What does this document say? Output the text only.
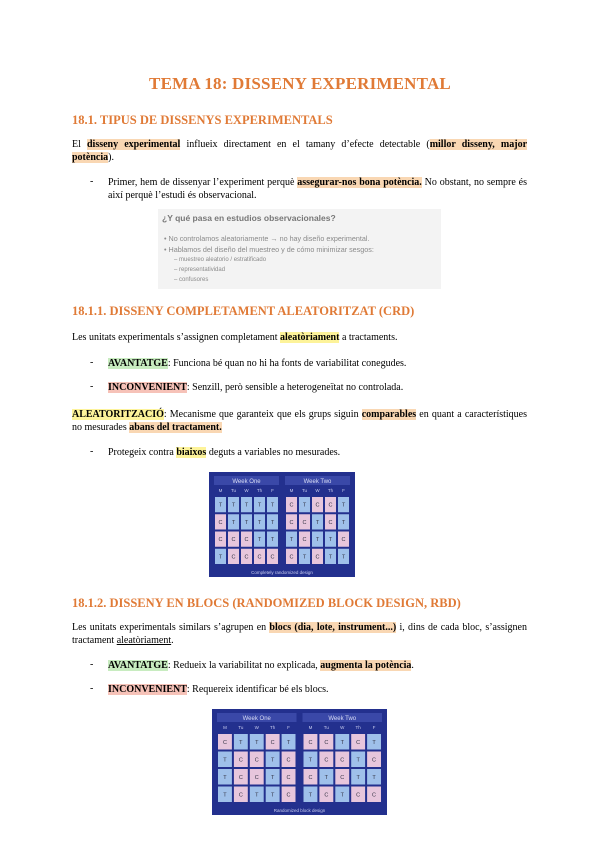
TEMA 18: DISSENY EXPERIMENTAL
18.1. TIPUS DE DISSENYS EXPERIMENTALS

El disseny experimental influeix directament en el tamany d’efecte detectable (millor disseny, major potència).

- Primer, hem de dissenyar l’experiment perquè assegurar-nos bona potència. No obstant, no sempre és així perquè l’estudi és observacional.

¿Y qué pasa en estudios observacionales?
• No controlamos aleatoriamente → no hay diseño experimental.
• Hablamos del diseño del muestreo y de cómo minimizar sesgos:
– muestreo aleatorio / estratificado
– representatividad
– confusores
18.1.1. DISSENY COMPLETAMENT ALEATORITZAT (CRD)

Les unitats experimentals s’assignen completament aleatòriament a tractaments.

- AVANTATGE: Funciona bé quan no hi ha fonts de variabilitat conegudes.

- INCONVENIENT: Senzill, però sensible a heterogeneïtat no controlada.

ALEATORITZACIÓ: Mecanisme que garanteix que els grups siguin comparables en quant a característiques no mesurades abans del tractament.

- Protegeix contra biaixos deguts a variables no mesurades.

Week One
M Tu W Th F
T T T T T
C T T T T
C C C T T
T C C C C
Week Two
M Tu W Th F
C T C C T
C C T C T
T C T T C
C T C T T
Completely randomized design
18.1.2. DISSENY EN BLOCS (RANDOMIZED BLOCK DESIGN, RBD)

Les unitats experimentals similars s’agrupen en blocs (dia, lote, instrument...) i, dins de cada bloc, s’assignen tractament aleatòriament.

- AVANTATGE: Redueix la variabilitat no explicada, augmenta la potència.

- INCONVENIENT: Requereix identificar bé els blocs.

Week One
M	Tu W Th	F
C T T C T
T C C T C
T C C T C
T C T T C
Week Two
M	Tu W Th	F
C C T C T
T C C T C
C T C T T
T C T C C
Randomized block design
